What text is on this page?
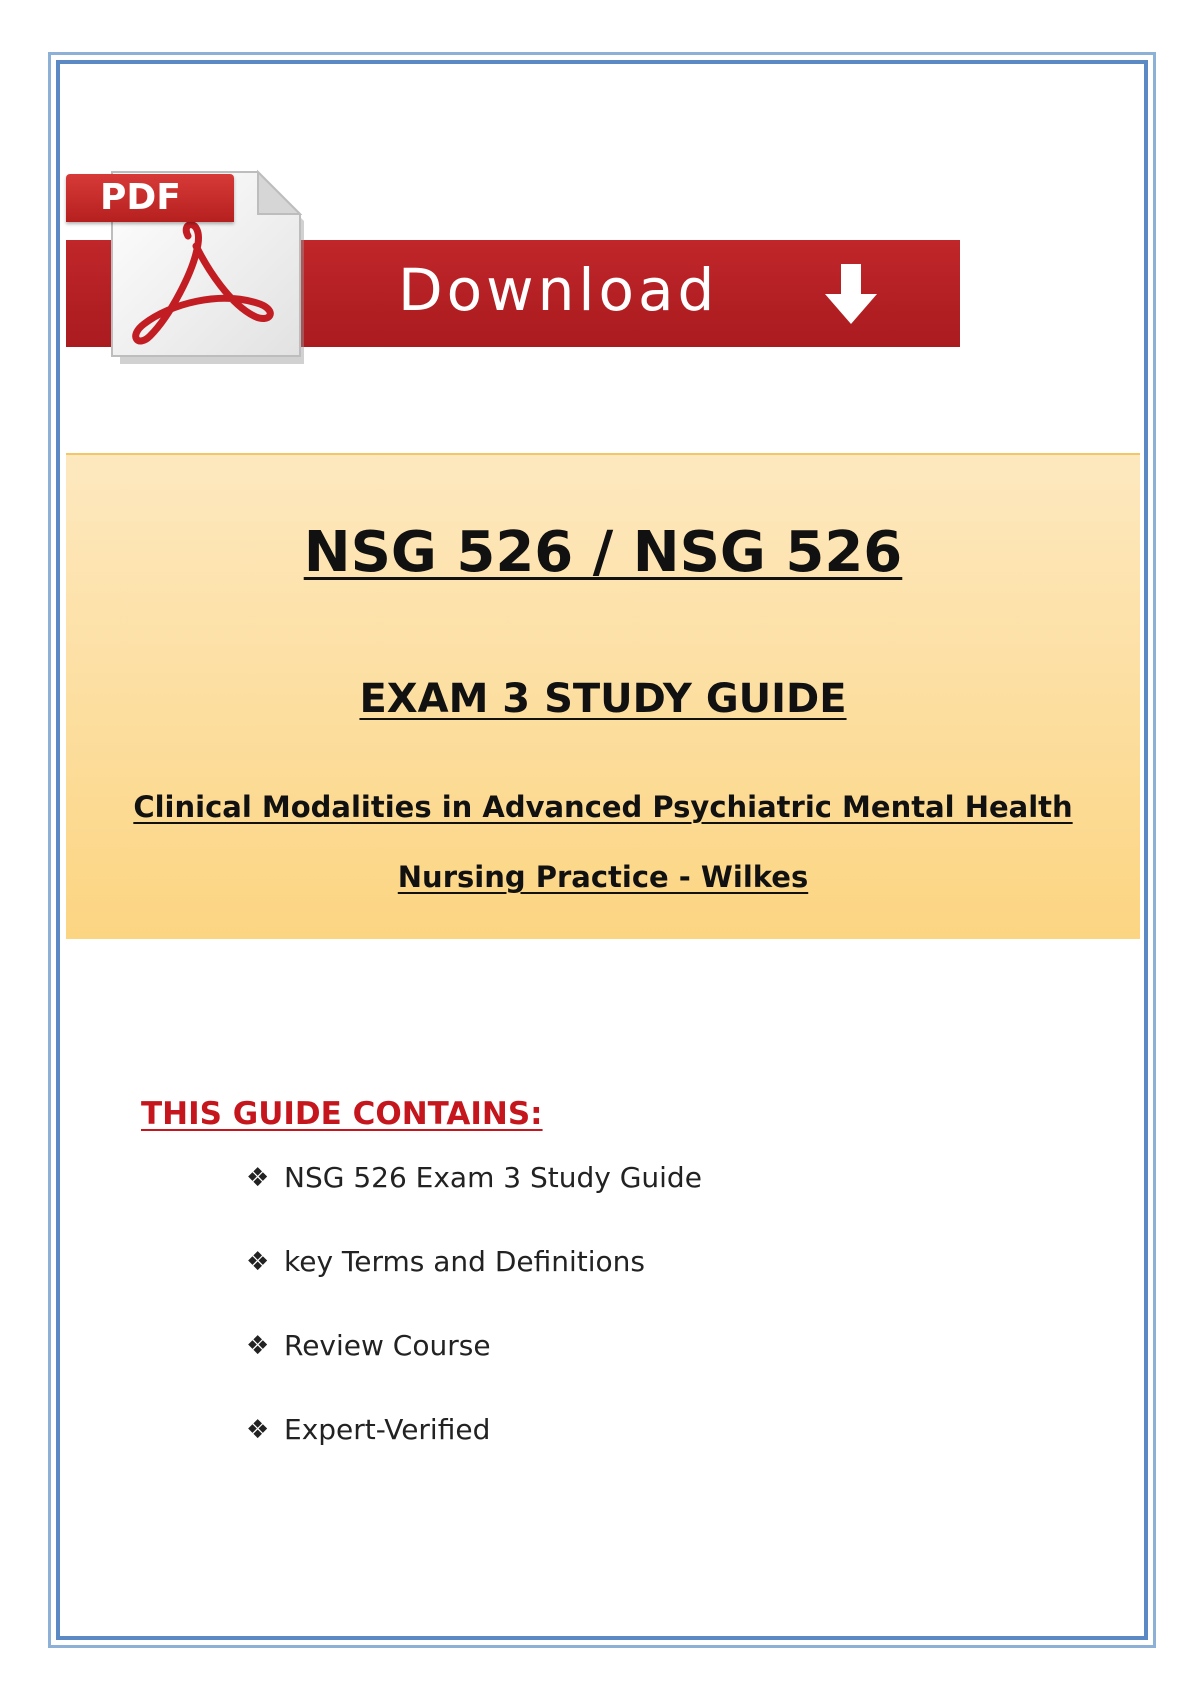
Download
PDF
NSG 526 / NSG 526
EXAM 3 STUDY GUIDE
Clinical Modalities in Advanced Psychiatric Mental Health
Nursing Practice - Wilkes
THIS GUIDE CONTAINS:
❖ NSG 526 Exam 3 Study Guide
❖ key Terms and Definitions
❖ Review Course
❖ Expert-Verified
